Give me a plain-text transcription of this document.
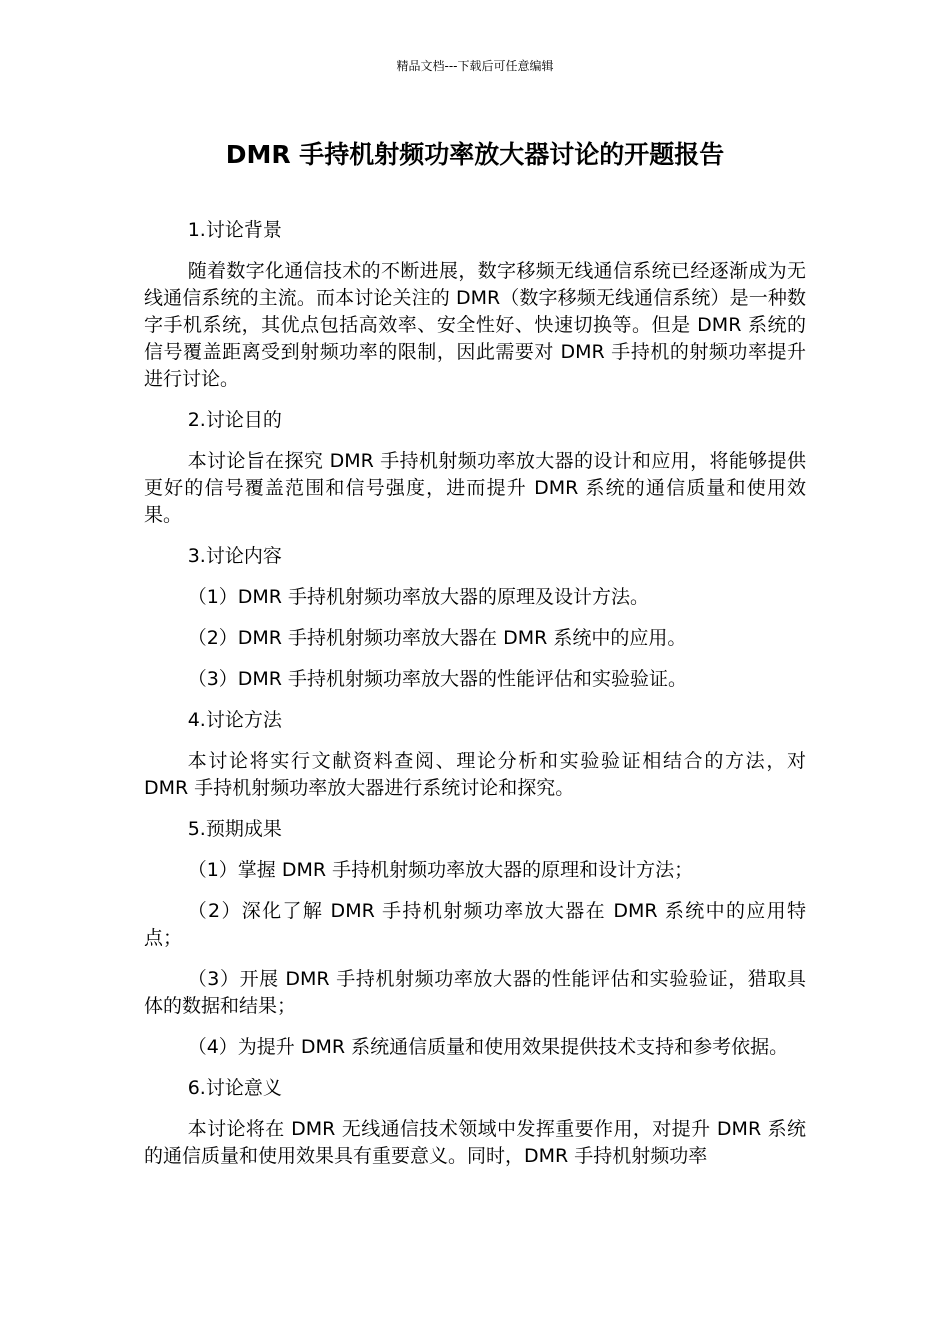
精品文档---下载后可任意编辑
DMR 手持机射频功率放大器讨论的开题报告

1.讨论背景

随着数字化通信技术的不断进展，数字移频无线通信系统已经逐渐成为无线通信系统的主流。而本讨论关注的 DMR（数字移频无线通信系统）是一种数字手机系统，其优点包括高效率、安全性好、快速切换等。但是 DMR 系统的信号覆盖距离受到射频功率的限制，因此需要对 DMR 手持机的射频功率提升进行讨论。

2.讨论目的

本讨论旨在探究 DMR 手持机射频功率放大器的设计和应用，将能够提供更好的信号覆盖范围和信号强度，进而提升 DMR 系统的通信质量和使用效果。

3.讨论内容

（1）DMR 手持机射频功率放大器的原理及设计方法。

（2）DMR 手持机射频功率放大器在 DMR 系统中的应用。

（3）DMR 手持机射频功率放大器的性能评估和实验验证。

4.讨论方法

本讨论将实行文献资料查阅、理论分析和实验验证相结合的方法，对 DMR 手持机射频功率放大器进行系统讨论和探究。

5.预期成果

（1）掌握 DMR 手持机射频功率放大器的原理和设计方法；

（2）深化了解 DMR 手持机射频功率放大器在 DMR 系统中的应用特点；

（3）开展 DMR 手持机射频功率放大器的性能评估和实验验证，猎取具体的数据和结果；

（4）为提升 DMR 系统通信质量和使用效果提供技术支持和参考依据。

6.讨论意义

本讨论将在 DMR 无线通信技术领域中发挥重要作用，对提升 DMR 系统的通信质量和使用效果具有重要意义。同时，DMR 手持机射频功率
